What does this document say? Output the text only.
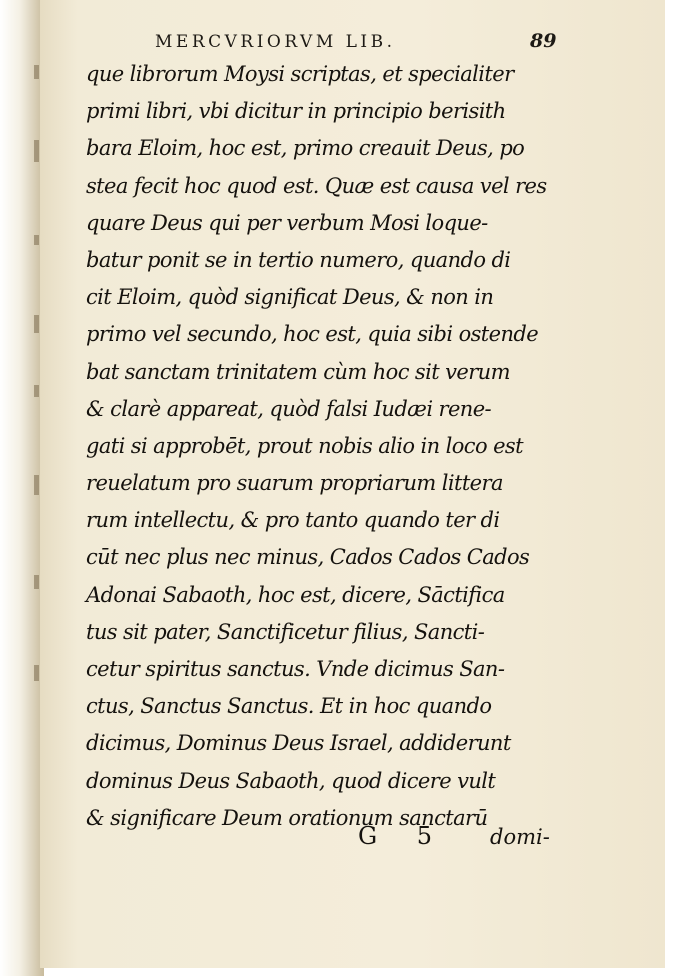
MERCVRIORVM LIB.	89
que librorum Moysi scriptas, et specialiter
primi libri, vbi dicitur in principio berisith
bara Eloim, hoc est, primo creauit Deus, po
stea fecit hoc quod est. Quæ est causa vel res
quare Deus qui per verbum Mosi loque-
batur ponit se in tertio numero, quando di
cit Eloim, quòd significat Deus, & non in
primo vel secundo, hoc est, quia sibi ostende
bat sanctam trinitatem cùm hoc sit verum
& clarè appareat, quòd falsi Iudæi rene-
gati si approbēt, prout nobis alio in loco est
reuelatum pro suarum propriarum littera
rum intellectu, & pro tanto quando ter di
cūt nec plus nec minus, Cados Cados Cados
Adonai Sabaoth, hoc est, dicere, Sāctifica
tus sit pater, Sanctificetur filius, Sancti-
cetur spiritus sanctus. Vnde dicimus San-
ctus, Sanctus Sanctus. Et in hoc quando
dicimus, Dominus Deus Israel, addiderunt
dominus Deus Sabaoth, quod dicere vult
& significare Deum orationum sanctarū
G 5 domi-
